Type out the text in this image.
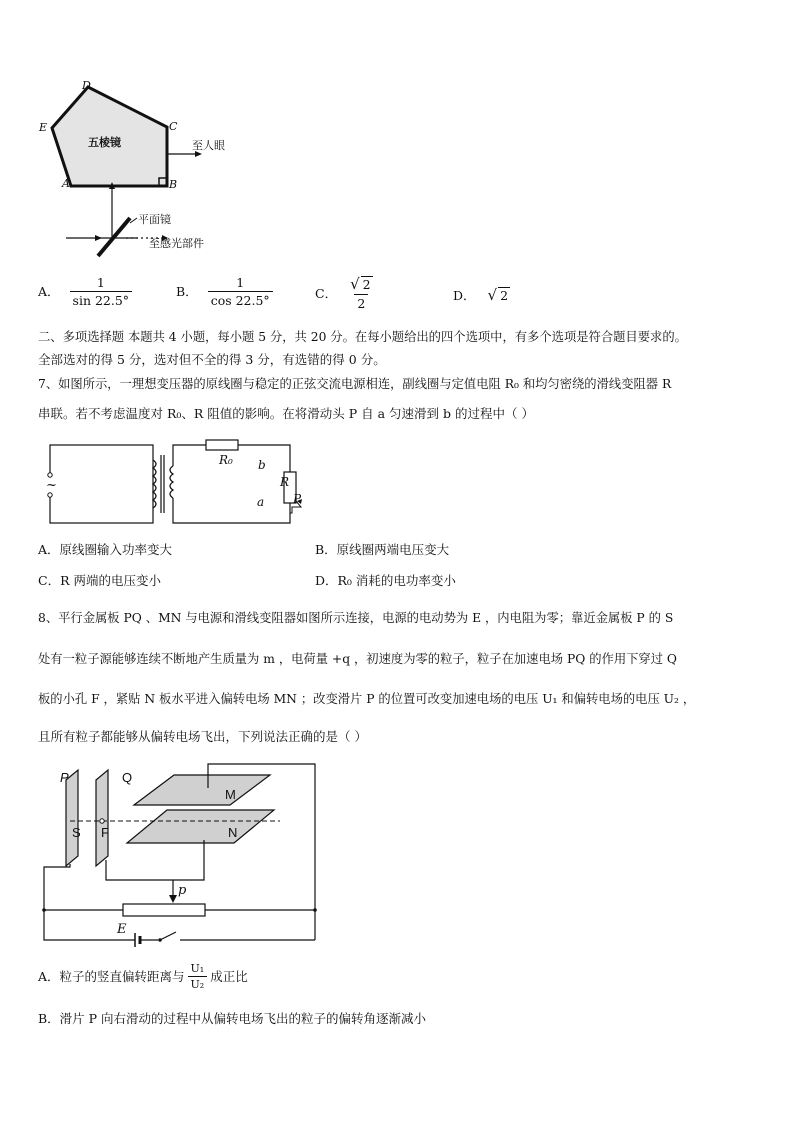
D
E	C
A	B
五棱镜	至人眼
平面镜
至感光部件
A． $\frac{1}{\sin 22.5^\circ}$	B． $\frac{1}{\cos 22.5^\circ}$	C． $\frac{√ 2}{2}$	D． √ 2
二、多项选择题 本题共 4 小题，每小题 5 分，共 20 分。在每小题给出的四个选项中，有多个选项是符合题目要求的。
全部选对的得 5 分，选对但不全的得 3 分，有选错的得 0 分。
7、如图所示，一理想变压器的原线圈与稳定的正弦交流电源相连，副线圈与定值电阻 R₀ 和均匀密绕的滑线变阻器 R
串联。若不考虑温度对 R₀、R 阻值的影响。在将滑动头 P 自 a 匀速滑到 b 的过程中（ ）
~
R₀ b
R
a P
A．原线圈输入功率变大	B．原线圈两端电压变大
C．R 两端的电压变小	D．R₀ 消耗的电功率变小
8、平行金属板 PQ 、MN 与电源和滑线变阻器如图所示连接，电源的电动势为 E ，内电阻为零；靠近金属板 P 的 S
处有一粒子源能够连续不断地产生质量为 m ，电荷量 +q ，初速度为零的粒子，粒子在加速电场 PQ 的作用下穿过 Q
板的小孔 F ，紧贴 N 板水平进入偏转电场 MN ；改变滑片 P 的位置可改变加速电场的电压 U₁ 和偏转电场的电压 U₂ ，
且所有粒子都能够从偏转电场飞出，下列说法正确的是（ ）
P	Q
M
N
S F
p
E
A．粒子的竖直偏转距离与 $\frac{\text{U₁}}{\text{U₂}}$ 成正比
B．滑片 P 向右滑动的过程中从偏转电场飞出的粒子的偏转角逐渐减小
